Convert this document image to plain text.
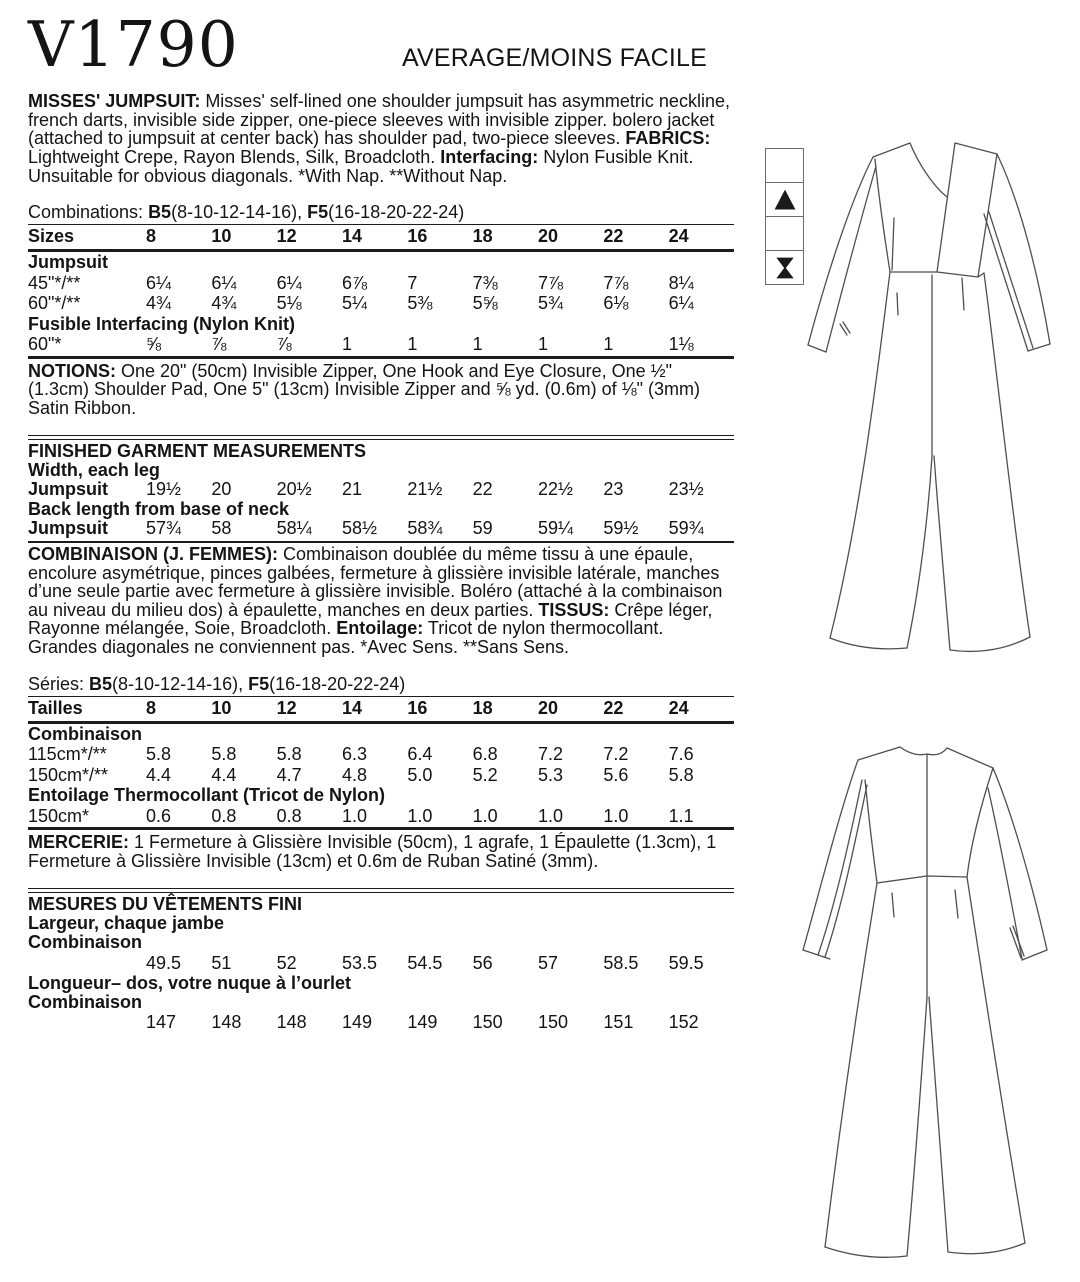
V1790

MISSES' JUMPSUIT: Misses' self-lined one shoulder jumpsuit has asymmetric neckline, french darts, invisible side zipper, one-piece sleeves with invisible zipper. bolero jacket (attached to jumpsuit at center back) has shoulder pad, two-piece sleeves. FABRICS: Lightweight Crepe, Rayon Blends, Silk, Broadcloth. Interfacing: Nylon Fusible Knit. Unsuitable for obvious diagonals. *With Nap. **Without Nap.

Combinations: B5(8-10-12-14-16), F5(16-18-20-22-24)
Sizes	8	10	12	14	16	18	20	22	24
Jumpsuit
45"*/**	6¼	6¼	6¼	6⅞	7	7⅜	7⅞	7⅞	8¼
60"*/**	4¾	4¾	5⅛	5¼	5⅜	5⅝	5¾	6⅛	6¼
Fusible Interfacing (Nylon Knit)
60"*	⅝	⅞	⅞	1	1	1	1	1	1⅛

NOTIONS: One 20" (50cm) Invisible Zipper, One Hook and Eye Closure, One ½" (1.3cm) Shoulder Pad, One 5" (13cm) Invisible Zipper and ⅝ yd. (0.6m) of ⅛" (3mm) Satin Ribbon.

FINISHED GARMENT MEASUREMENTS
Width, each leg
Jumpsuit	19½	20	20½	21	21½	22	22½	23	23½
Back length from base of neck
Jumpsuit	57¾	58	58¼	58½	58¾	59	59¼	59½	59¾

COMBINAISON (J. FEMMES): Combinaison doublée du même tissu à une épaule, encolure asymétrique, pinces galbées, fermeture à glissière invisible latérale, manches d’une seule partie avec fermeture à glissière invisible. Boléro (attaché à la combinaison au niveau du milieu dos) à épaulette, manches en deux parties. TISSUS: Crêpe léger, Rayonne mélangée, Soie, Broadcloth. Entoilage: Tricot de nylon thermocollant. Grandes diagonales ne conviennent pas. *Avec Sens. **Sans Sens.

Séries: B5(8-10-12-14-16), F5(16-18-20-22-24)
Tailles	8	10	12	14	16	18	20	22	24
Combinaison
115cm*/**	5.8	5.8	5.8	6.3	6.4	6.8	7.2	7.2	7.6
150cm*/**	4.4	4.4	4.7	4.8	5.0	5.2	5.3	5.6	5.8
Entoilage Thermocollant (Tricot de Nylon)
150cm*	0.6	0.8	0.8	1.0	1.0	1.0	1.0	1.0	1.1

MERCERIE: 1 Fermeture à Glissière Invisible (50cm), 1 agrafe, 1 Épaulette (1.3cm), 1 Fermeture à Glissière Invisible (13cm) et 0.6m de Ruban Satiné (3mm).

MESURES DU VÊTEMENTS FINI
Largeur, chaque jambe
Combinaison
49.5	51	52	53.5	54.5	56	57	58.5	59.5
Longueur– dos, votre nuque à l’ourlet
Combinaison
147	148	148	149	149	150	150	151	152
AVERAGE/MOINS FACILE
